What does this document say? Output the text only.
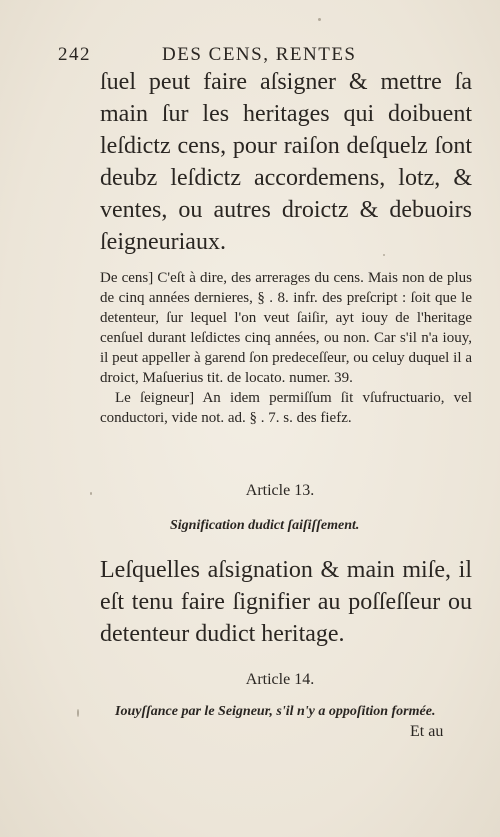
242	DES CENS, RENTES

ſuel peut faire aſsigner & mettre ſa main ſur les heritages qui doibuent leſdictz cens, pour raiſon deſquelz ſont deubz leſdictz accordemens, lotz, & ventes, ou autres droictz & debuoirs ſeigneuriaux.

De cens] C'eſt à dire, des arrerages du cens. Mais non de plus de cinq années dernieres, § . 8. infr. des preſcript : ſoit que le detenteur, ſur lequel l'on veut ſaiſir, ayt iouy de l'heritage cenſuel durant leſdictes cinq années, ou non. Car s'il n'a iouy, il peut appeller à garend ſon predeceſſeur, ou celuy duquel il a droict, Maſuerius tit. de locato. numer. 39.
Le ſeigneur] An idem permiſſum ſit vſufructuario, vel conductori, vide not. ad. § . 7. s. des fiefz.

Article 13.
Signification dudict ſaiſiſſement.

Leſquelles aſsignation & main miſe, il eſt tenu faire ſignifier au poſſeſſeur ou detenteur dudict heritage.

Article 14.
Iouyſſance par le Seigneur, s'il n'y a oppoſition formée.
Et au
